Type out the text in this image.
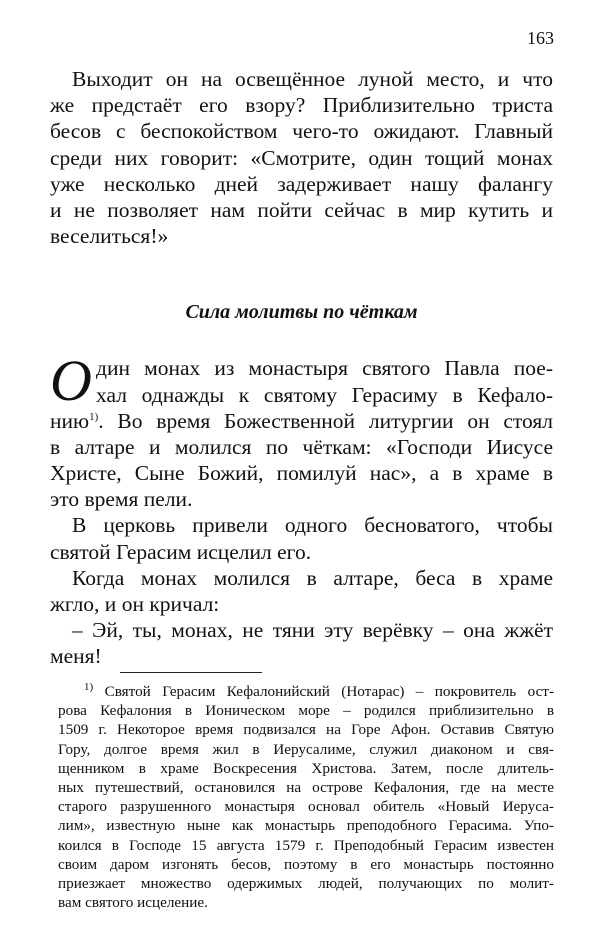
163
Выходит он на освещённое луной место, и что
же предстаёт его взору? Приблизительно триста
бесов с беспокойством чего-то ожидают. Главный
среди них говорит: «Смотрите, один тощий монах
уже несколько дней задерживает нашу фалангу
и не позволяет нам пойти сейчас в мир кутить и
веселиться!»
Сила молитвы по чёткам
О дин монах из монастыря святого Павла пое-
хал однажды к святому Герасиму в Кефало-
нию$^{1)}$. Во время Божественной литургии он стоял
в алтаре и молился по чёткам: «Господи Иисусе
Христе, Сыне Божий, помилуй нас», а в храме в
это время пели.
В церковь привели одного бесноватого, чтобы
святой Герасим исцелил его.
Когда монах молился в алтаре, беса в храме
жгло, и он кричал:
– Эй, ты, монах, не тяни эту верёвку – она жжёт
меня!
$^{1)}$ Святой Герасим Кефалонийский (Нотарас) – покровитель ост-
рова Кефалония в Ионическом море – родился приблизительно в
1509 г. Некоторое время подвизался на Горе Афон. Оставив Святую
Гору, долгое время жил в Иерусалиме, служил диаконом и свя-
щенником в храме Воскресения Христова. Затем, после длитель-
ных путешествий, остановился на острове Кефалония, где на месте
старого разрушенного монастыря основал обитель «Новый Иеруса-
лим», известную ныне как монастырь преподобного Герасима. Упо-
коился в Господе 15 августа 1579 г. Преподобный Герасим известен
своим даром изгонять бесов, поэтому в его монастырь постоянно
приезжает множество одержимых людей, получающих по молит-
вам святого исцеление.
